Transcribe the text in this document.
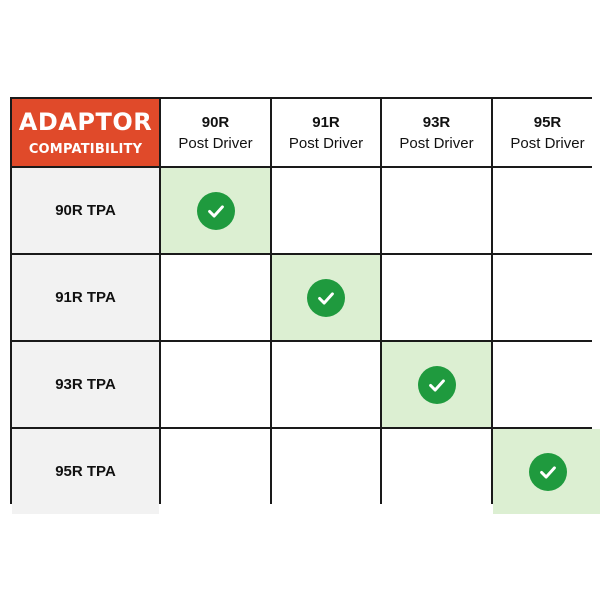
ADAPTOR
COMPATIBILITY
90R
Post Driver
91R
Post Driver
93R
Post Driver
95R
Post Driver
90R TPA
91R TPA
93R TPA
95R TPA
